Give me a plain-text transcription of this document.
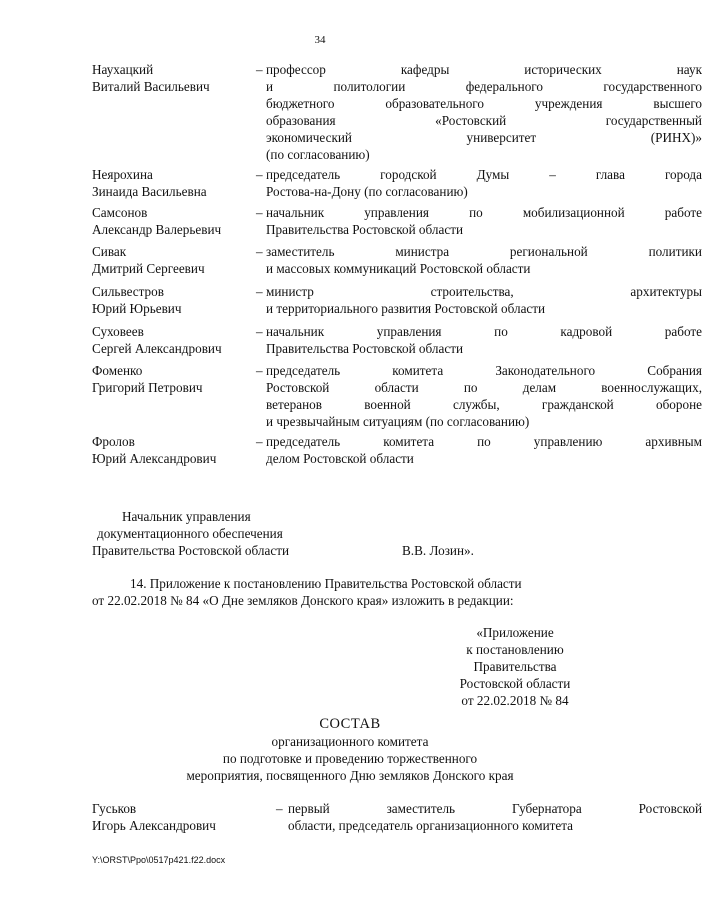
34
Наухацкий
Виталий Васильевич
– профессор кафедры исторических наук
и политологии федерального государственного
бюджетного образовательного учреждения высшего
образования «Ростовский государственный
экономический университет (РИНХ)»
(по согласованию)
Неярохина
Зинаида Васильевна
– председатель городской Думы – глава города
Ростова-на-Дону (по согласованию)
Самсонов
Александр Валерьевич
– начальник управления по мобилизационной работе
Правительства Ростовской области
Сивак
Дмитрий Сергеевич
– заместитель министра региональной политики
и массовых коммуникаций Ростовской области
Сильвестров
Юрий Юрьевич
– министр строительства, архитектуры
и территориального развития Ростовской области
Суховеев
Сергей Александрович
– начальник управления по кадровой работе
Правительства Ростовской области
Фоменко
Григорий Петрович
– председатель комитета Законодательного Собрания
Ростовской области по делам военнослужащих,
ветеранов военной службы, гражданской обороне
и чрезвычайным ситуациям (по согласованию)
Фролов
Юрий Александрович
– председатель комитета по управлению архивным
делом Ростовской области
Начальник управления
документационного обеспечения
Правительства Ростовской области	В.В. Лозин».
14. Приложение к постановлению Правительства Ростовской области
от 22.02.2018 № 84 «О Дне земляков Донского края» изложить в редакции:
«Приложение
к постановлению
Правительства
Ростовской области
от 22.02.2018 № 84
СОСТАВ
организационного комитета
по подготовке и проведению торжественного
мероприятия, посвященного Дню земляков Донского края
Гуськов
Игорь Александрович
– первый заместитель Губернатора Ростовской
области, председатель организационного комитета
Y:\ORST\Ppo\0517p421.f22.docx
